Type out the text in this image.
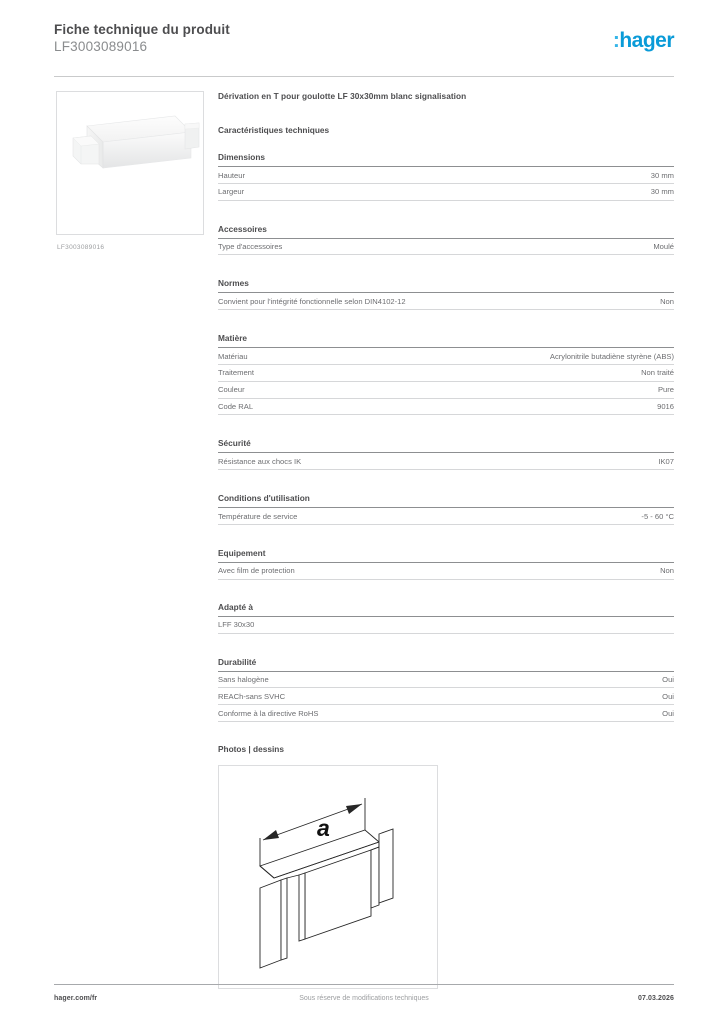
Fiche technique du produit
LF3003089016	:hager
LF3003089016
Dérivation en T pour goulotte LF 30x30mm blanc signalisation
Caractéristiques techniques
Dimensions
Hauteur	30 mm
Largeur	30 mm
Accessoires
Type d'accessoires	Moulé
Normes
Convient pour l'intégrité fonctionnelle selon DIN4102-12	Non
Matière
Matériau	Acrylonitrile butadiène styrène (ABS)
Traitement	Non traité
Couleur	Pure
Code RAL	9016
Sécurité
Résistance aux chocs IK	IK07
Conditions d'utilisation
Température de service	-5 - 60 °C
Equipement
Avec film de protection	Non
Adapté à
LFF 30x30
Durabilité
Sans halogène	Oui
REACh-sans SVHC	Oui
Conforme à la directive RoHS	Oui
Photos | dessins
a
Sous réserve de modifications techniques
hager.com/fr	07.03.2026
